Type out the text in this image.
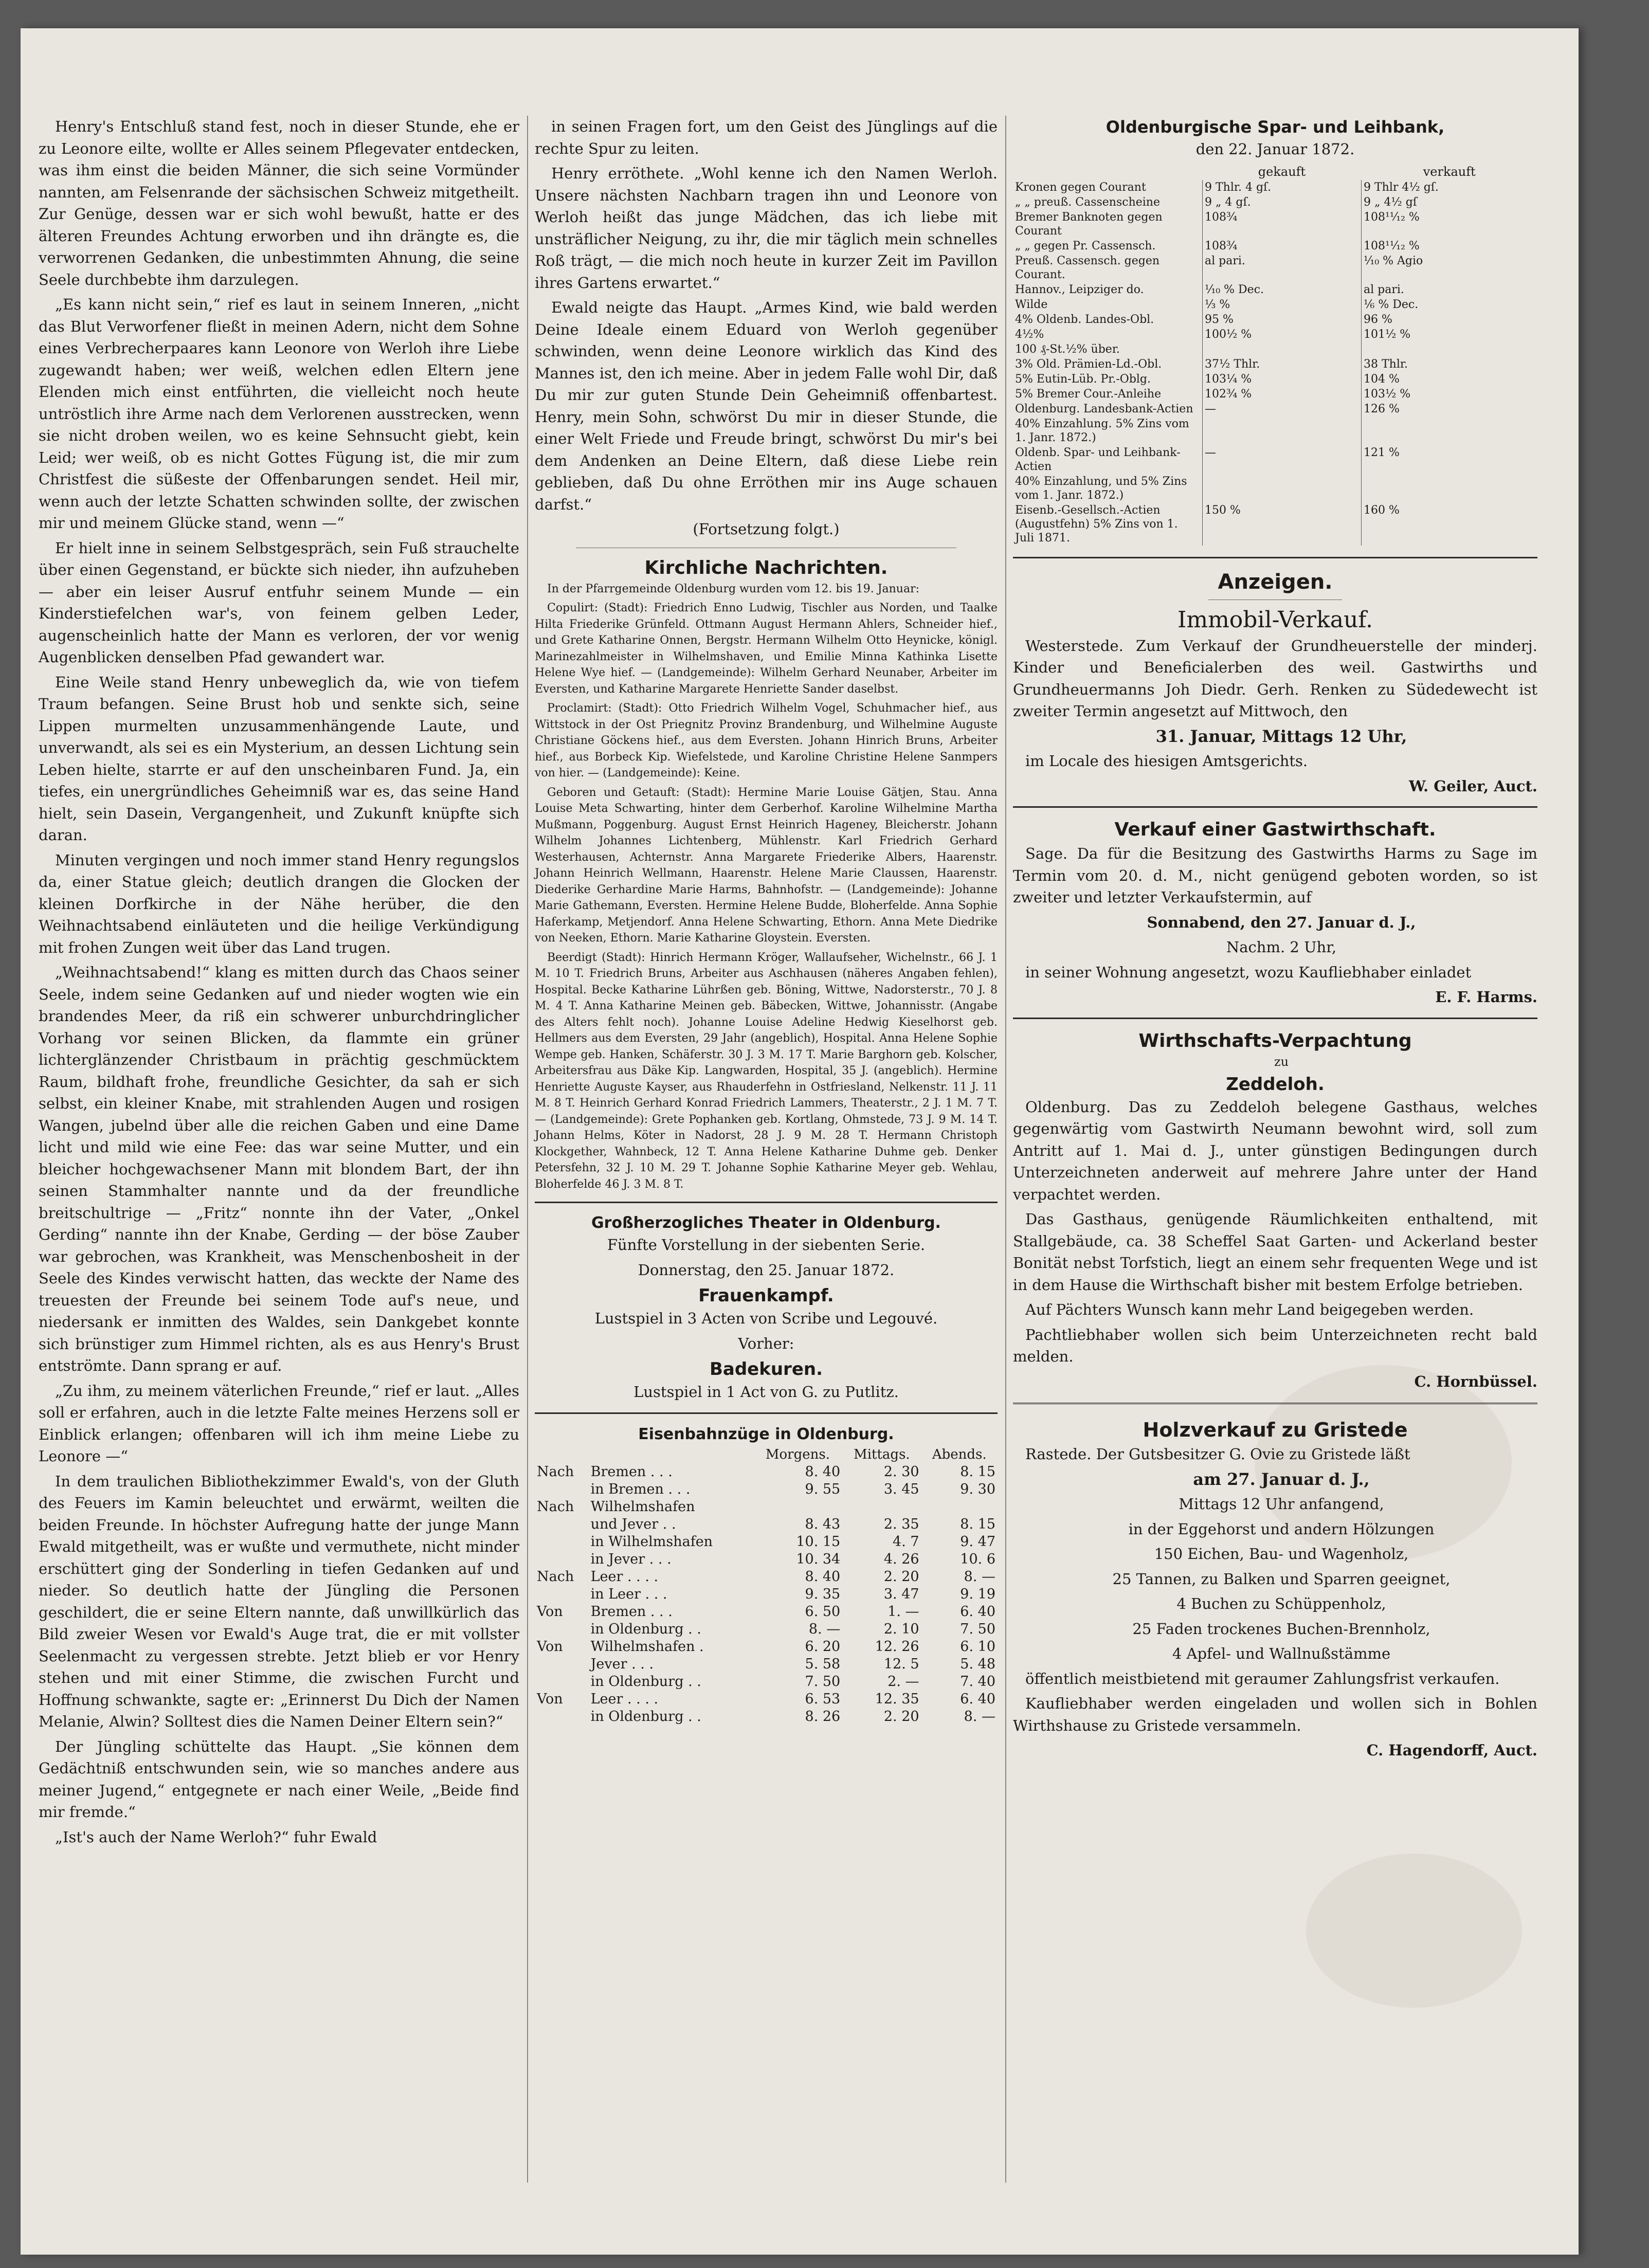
Henry's Entschluß stand fest, noch in dieser Stunde, ehe er zu Leonore eilte, wollte er Alles seinem Pflegevater entdecken, was ihm einst die beiden Männer, die sich seine Vormünder nannten, am Felsenrande der sächsischen Schweiz mitgetheilt. Zur Genüge, dessen war er sich wohl bewußt, hatte er des älteren Freundes Achtung erworben und ihn drängte es, die verworrenen Gedanken, die unbestimmten Ahnung, die seine Seele durchbebte ihm darzulegen.

„Es kann nicht sein,“ rief es laut in seinem Inneren, „nicht das Blut Verworfener fließt in meinen Adern, nicht dem Sohne eines Verbrecherpaares kann Leonore von Werloh ihre Liebe zugewandt haben; wer weiß, welchen edlen Eltern jene Elenden mich einst entführten, die vielleicht noch heute untröstlich ihre Arme nach dem Verlorenen ausstrecken, wenn sie nicht droben weilen, wo es keine Sehnsucht giebt, kein Leid; wer weiß, ob es nicht Gottes Fügung ist, die mir zum Christfest die süßeste der Offenbarungen sendet. Heil mir, wenn auch der letzte Schatten schwinden sollte, der zwischen mir und meinem Glücke stand, wenn —“

Er hielt inne in seinem Selbstgespräch, sein Fuß strauchelte über einen Gegenstand, er bückte sich nieder, ihn aufzuheben — aber ein leiser Ausruf entfuhr seinem Munde — ein Kinderstiefelchen war's, von feinem gelben Leder, augenscheinlich hatte der Mann es verloren, der vor wenig Augenblicken denselben Pfad gewandert war.

Eine Weile stand Henry unbeweglich da, wie von tiefem Traum befangen. Seine Brust hob und senkte sich, seine Lippen murmelten unzusammenhängende Laute, und unverwandt, als sei es ein Mysterium, an dessen Lichtung sein Leben hielte, starrte er auf den unscheinbaren Fund. Ja, ein tiefes, ein unergründliches Geheimniß war es, das seine Hand hielt, sein Dasein, Vergangenheit, und Zukunft knüpfte sich daran.

Minuten vergingen und noch immer stand Henry regungslos da, einer Statue gleich; deutlich drangen die Glocken der kleinen Dorfkirche in der Nähe herüber, die den Weihnachtsabend einläuteten und die heilige Verkündigung mit frohen Zungen weit über das Land trugen.

„Weihnachtsabend!“ klang es mitten durch das Chaos seiner Seele, indem seine Gedanken auf und nieder wogten wie ein brandendes Meer, da riß ein schwerer unburchdringlicher Vorhang vor seinen Blicken, da flammte ein grüner lichterglänzender Christbaum in prächtig geschmücktem Raum, bildhaft frohe, freundliche Gesichter, da sah er sich selbst, ein kleiner Knabe, mit strahlenden Augen und rosigen Wangen, jubelnd über alle die reichen Gaben und eine Dame licht und mild wie eine Fee: das war seine Mutter, und ein bleicher hochgewachsener Mann mit blondem Bart, der ihn seinen Stammhalter nannte und da der freundliche breitschultrige — „Fritz“ nonnte ihn der Vater, „Onkel Gerding“ nannte ihn der Knabe, Gerding — der böse Zauber war gebrochen, was Krankheit, was Menschenbosheit in der Seele des Kindes verwischt hatten, das weckte der Name des treuesten der Freunde bei seinem Tode auf's neue, und niedersank er inmitten des Waldes, sein Dankgebet konnte sich brünstiger zum Himmel richten, als es aus Henry's Brust entströmte. Dann sprang er auf.

„Zu ihm, zu meinem väterlichen Freunde,“ rief er laut. „Alles soll er erfahren, auch in die letzte Falte meines Herzens soll er Einblick erlangen; offenbaren will ich ihm meine Liebe zu Leonore —“

In dem traulichen Bibliothekzimmer Ewald's, von der Gluth des Feuers im Kamin beleuchtet und erwärmt, weilten die beiden Freunde. In höchster Aufregung hatte der junge Mann Ewald mitgetheilt, was er wußte und vermuthete, nicht minder erschüttert ging der Sonderling in tiefen Gedanken auf und nieder. So deutlich hatte der Jüngling die Personen geschildert, die er seine Eltern nannte, daß unwillkürlich das Bild zweier Wesen vor Ewald's Auge trat, die er mit vollster Seelenmacht zu vergessen strebte. Jetzt blieb er vor Henry stehen und mit einer Stimme, die zwischen Furcht und Hoffnung schwankte, sagte er: „Erinnerst Du Dich der Namen Melanie, Alwin? Solltest dies die Namen Deiner Eltern sein?“

Der Jüngling schüttelte das Haupt. „Sie können dem Gedächtniß entschwunden sein, wie so manches andere aus meiner Jugend,“ entgegnete er nach einer Weile, „Beide find mir fremde.“

„Ist's auch der Name Werloh?“ fuhr Ewald

in seinen Fragen fort, um den Geist des Jünglings auf die rechte Spur zu leiten.

Henry erröthete. „Wohl kenne ich den Namen Werloh. Unsere nächsten Nachbarn tragen ihn und Leonore von Werloh heißt das junge Mädchen, das ich liebe mit unsträflicher Neigung, zu ihr, die mir täglich mein schnelles Roß trägt, — die mich noch heute in kurzer Zeit im Pavillon ihres Gartens erwartet.“

Ewald neigte das Haupt. „Armes Kind, wie bald werden Deine Ideale einem Eduard von Werloh gegenüber schwinden, wenn deine Leonore wirklich das Kind des Mannes ist, den ich meine. Aber in jedem Falle wohl Dir, daß Du mir zur guten Stunde Dein Geheimniß offenbartest. Henry, mein Sohn, schwörst Du mir in dieser Stunde, die einer Welt Friede und Freude bringt, schwörst Du mir's bei dem Andenken an Deine Eltern, daß diese Liebe rein geblieben, daß Du ohne Erröthen mir ins Auge schauen darfst.“

(Fortsetzung folgt.)

Kirchliche Nachrichten.

In der Pfarrgemeinde Oldenburg wurden vom 12. bis 19. Januar:

Copulirt: (Stadt): Friedrich Enno Ludwig, Tischler aus Norden, und Taalke Hilta Friederike Grünfeld. Ottmann August Hermann Ahlers, Schneider hief., und Grete Katharine Onnen, Bergstr. Hermann Wilhelm Otto Heynicke, königl. Marinezahlmeister in Wilhelmshaven, und Emilie Minna Kathinka Lisette Helene Wye hief. — (Landgemeinde): Wilhelm Gerhard Neunaber, Arbeiter im Eversten, und Katharine Margarete Henriette Sander daselbst.

Proclamirt: (Stadt): Otto Friedrich Wilhelm Vogel, Schuhmacher hief., aus Wittstock in der Ost Priegnitz Provinz Brandenburg, und Wilhelmine Auguste Christiane Göckens hief., aus dem Eversten. Johann Hinrich Bruns, Arbeiter hief., aus Borbeck Kip. Wiefelstede, und Karoline Christine Helene Sanmpers von hier. — (Landgemeinde): Keine.

Geboren und Getauft: (Stadt): Hermine Marie Louise Gätjen, Stau. Anna Louise Meta Schwarting, hinter dem Gerberhof. Karoline Wilhelmine Martha Mußmann, Poggenburg. August Ernst Heinrich Hageney, Bleicherstr. Johann Wilhelm Johannes Lichtenberg, Mühlenstr. Karl Friedrich Gerhard Westerhausen, Achternstr. Anna Margarete Friederike Albers, Haarenstr. Johann Heinrich Wellmann, Haarenstr. Helene Marie Claussen, Haarenstr. Diederike Gerhardine Marie Harms, Bahnhofstr. — (Landgemeinde): Johanne Marie Gathemann, Eversten. Hermine Helene Budde, Bloherfelde. Anna Sophie Haferkamp, Metjendorf. Anna Helene Schwarting, Ethorn. Anna Mete Diedrike von Neeken, Ethorn. Marie Katharine Gloystein. Eversten.

Beerdigt (Stadt): Hinrich Hermann Kröger, Wallaufseher, Wichelnstr., 66 J. 1 M. 10 T. Friedrich Bruns, Arbeiter aus Aschhausen (näheres Angaben fehlen), Hospital. Becke Katharine Lührßen geb. Böning, Wittwe, Nadorsterstr., 70 J. 8 M. 4 T. Anna Katharine Meinen geb. Bäbecken, Wittwe, Johannisstr. (Angabe des Alters fehlt noch). Johanne Louise Adeline Hedwig Kieselhorst geb. Hellmers aus dem Eversten, 29 Jahr (angeblich), Hospital. Anna Helene Sophie Wempe geb. Hanken, Schäferstr. 30 J. 3 M. 17 T. Marie Barghorn geb. Kolscher, Arbeitersfrau aus Däke Kip. Langwarden, Hospital, 35 J. (angeblich). Hermine Henriette Auguste Kayser, aus Rhauderfehn in Ostfriesland, Nelkenstr. 11 J. 11 M. 8 T. Heinrich Gerhard Konrad Friedrich Lammers, Theaterstr., 2 J. 1 M. 7 T. — (Landgemeinde): Grete Pophanken geb. Kortlang, Ohmstede, 73 J. 9 M. 14 T. Johann Helms, Köter in Nadorst, 28 J. 9 M. 28 T. Hermann Christoph Klockgether, Wahnbeck, 12 T. Anna Helene Katharine Duhme geb. Denker Petersfehn, 32 J. 10 M. 29 T. Johanne Sophie Katharine Meyer geb. Wehlau, Bloherfelde 46 J. 3 M. 8 T.

Großherzogliches Theater in Oldenburg.

Fünfte Vorstellung in der siebenten Serie.

Donnerstag, den 25. Januar 1872.

Frauenkampf.

Lustspiel in 3 Acten von Scribe und Legouvé.

Vorher:

Badekuren.

Lustspiel in 1 Act von G. zu Putlitz.

Eisenbahnzüge in Oldenburg.
		Morgens.	Mittags.	Abends.
Nach	Bremen . . .	8. 40	2. 30	8. 15
	in Bremen . . .	9. 55	3. 45	9. 30
Nach	Wilhelmshafen			
	und Jever . .	8. 43	2. 35	8. 15
	in Wilhelmshafen	10. 15	4. 7	9. 47
	in Jever . . .	10. 34	4. 26	10. 6
Nach	Leer . . . .	8. 40	2. 20	8. —
	in Leer . . .	9. 35	3. 47	9. 19
Von	Bremen . . .	6. 50	1. —	6. 40
	in Oldenburg . .	8. —	2. 10	7. 50
Von	Wilhelmshafen .	6. 20	12. 26	6. 10
	Jever . . .	5. 58	12. 5	5. 48
	in Oldenburg . .	7. 50	2. —	7. 40
Von	Leer . . . .	6. 53	12. 35	6. 40
	in Oldenburg . .	8. 26	2. 20	8. —
Oldenburgische Spar- und Leihbank,

den 22. Januar 1872.

	gekauft	verkauft
Kronen gegen Courant	9 Thlr. 4 gſ.	9 Thlr 4½ gſ.
„ „ preuß. Cassenscheine	9 „ 4 gſ.	9 „ 4½ gſ
Bremer Banknoten gegen Courant	108¾	108¹¹⁄₁₂ %
„ „ gegen Pr. Cassensch.	108¾	108¹¹⁄₁₂ %
Preuß. Cassensch. gegen Courant.	al pari.	⅒ % Agio
Hannov., Leipziger do.	⅒ % Dec.	al pari.
Wilde	⅓ %	⅙ % Dec.
4% Oldenb. Landes-Obl.	95 %	96 %
4½%	100½ %	101½ %
100 ₰-St.½% über.		
3% Old. Prämien-Ld.-Obl.	37½ Thlr.	38 Thlr.
5% Eutin-Lüb. Pr.-Oblg.	103¼ %	104 %
5% Bremer Cour.-Anleihe	102¾ %	103½ %
Oldenburg. Landesbank-Actien	—	126 %
40% Einzahlung. 5% Zins vom 1. Janr. 1872.)		
Oldenb. Spar- und Leihbank-Actien	—	121 %
40% Einzahlung, und 5% Zins vom 1. Janr. 1872.)		
Eisenb.-Gesellsch.-Actien (Augustfehn) 5% Zins von 1. Juli 1871.	150 %	160 %
Anzeigen.
Immobil-Verkauf.

Westerstede. Zum Verkauf der Grundheuerstelle der minderj. Kinder und Beneficialerben des weil. Gastwirths und Grundheuermanns Joh Diedr. Gerh. Renken zu Südedewecht ist zweiter Termin angesetzt auf Mittwoch, den

31. Januar, Mittags 12 Uhr,

im Locale des hiesigen Amtsgerichts.

W. Geiler, Auct.

Verkauf einer Gastwirthschaft.

Sage. Da für die Besitzung des Gastwirths Harms zu Sage im Termin vom 20. d. M., nicht genügend geboten worden, so ist zweiter und letzter Verkaufstermin, auf

Sonnabend, den 27. Januar d. J.,

Nachm. 2 Uhr,

in seiner Wohnung angesetzt, wozu Kaufliebhaber einladet

E. F. Harms.

Wirthschafts-Verpachtung

zu

Zeddeloh.

Oldenburg. Das zu Zeddeloh belegene Gasthaus, welches gegenwärtig vom Gastwirth Neumann bewohnt wird, soll zum Antritt auf 1. Mai d. J., unter günstigen Bedingungen durch Unterzeichneten anderweit auf mehrere Jahre unter der Hand verpachtet werden.

Das Gasthaus, genügende Räumlichkeiten enthaltend, mit Stallgebäude, ca. 38 Scheffel Saat Garten- und Ackerland bester Bonität nebst Torfstich, liegt an einem sehr frequenten Wege und ist in dem Hause die Wirthschaft bisher mit bestem Erfolge betrieben.

Auf Pächters Wunsch kann mehr Land beigegeben werden.

Pachtliebhaber wollen sich beim Unterzeichneten recht bald melden.

C. Hornbüssel.

Holzverkauf zu Gristede

Rastede. Der Gutsbesitzer G. Ovie zu Gristede läßt

am 27. Januar d. J.,

Mittags 12 Uhr anfangend,

in der Eggehorst und andern Hölzungen

150 Eichen, Bau- und Wagenholz,

25 Tannen, zu Balken und Sparren geeignet,

4 Buchen zu Schüppenholz,

25 Faden trockenes Buchen-Brennholz,

4 Apfel- und Wallnußstämme

öffentlich meistbietend mit geraumer Zahlungsfrist verkaufen.

Kaufliebhaber werden eingeladen und wollen sich in Bohlen Wirthshause zu Gristede versammeln.

C. Hagendorff, Auct.
